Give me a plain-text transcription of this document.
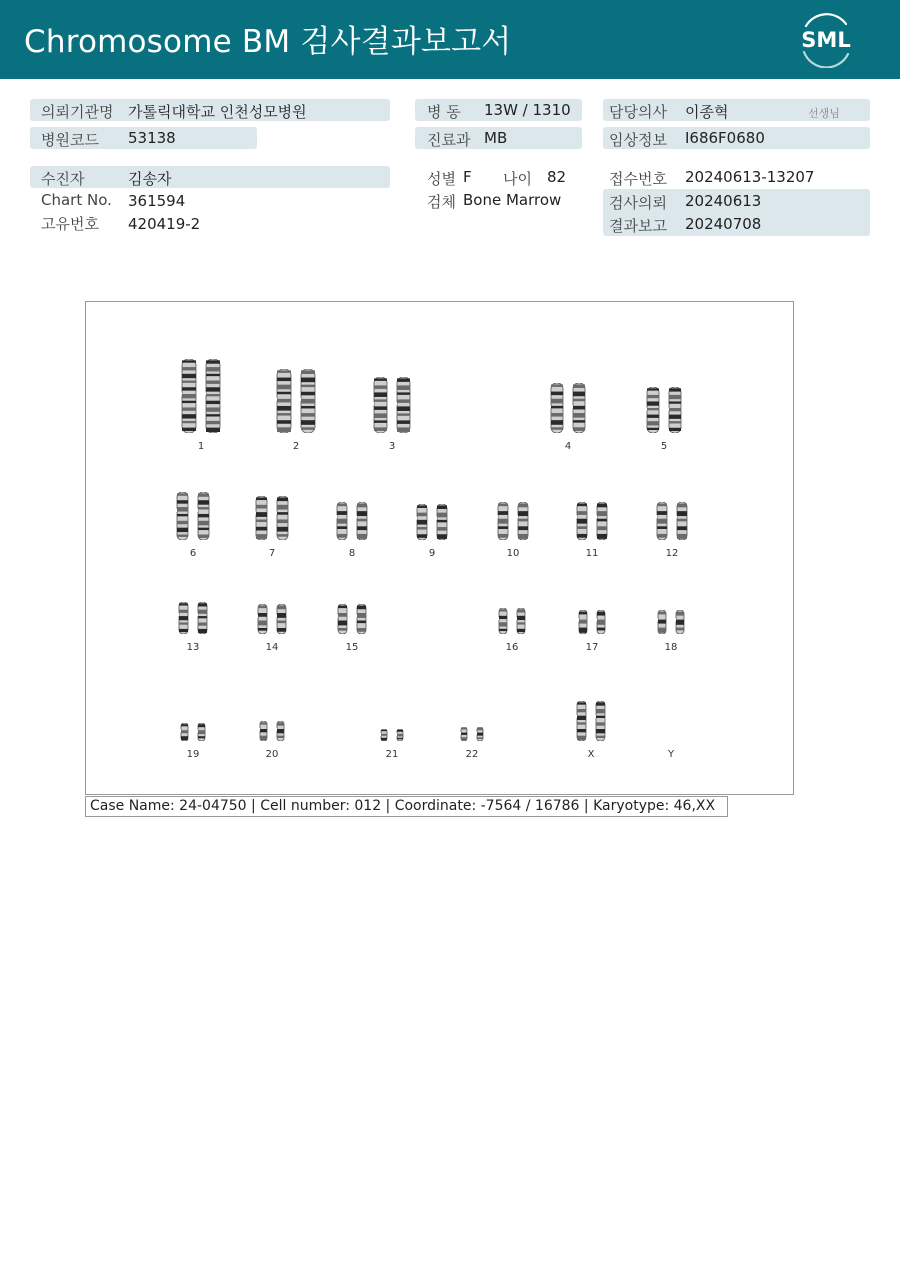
Chromosome BM 검사결과보고서	SML
의뢰기관명 가톨릭대학교 인천성모병원	병 동 13W / 1310	담당의사 이종혁	선생님
병원코드 53138	진료과 MB	임상정보 I686F0680
수진자	김송자	성별 F 나이 82	접수번호 20240613-13207
Chart No. 361594
고유번호 420419-2
검체 Bone Marrow	검사의뢰 20240613
결과보고 20240708
1	2	3	4	5
6	7	8	9	10	11	12
13	14	15	16	17	18
19	20	21	22	X	Y
Case Name: 24-04750 | Cell number: 012 | Coordinate: -7564 / 16786 | Karyotype: 46,XX
